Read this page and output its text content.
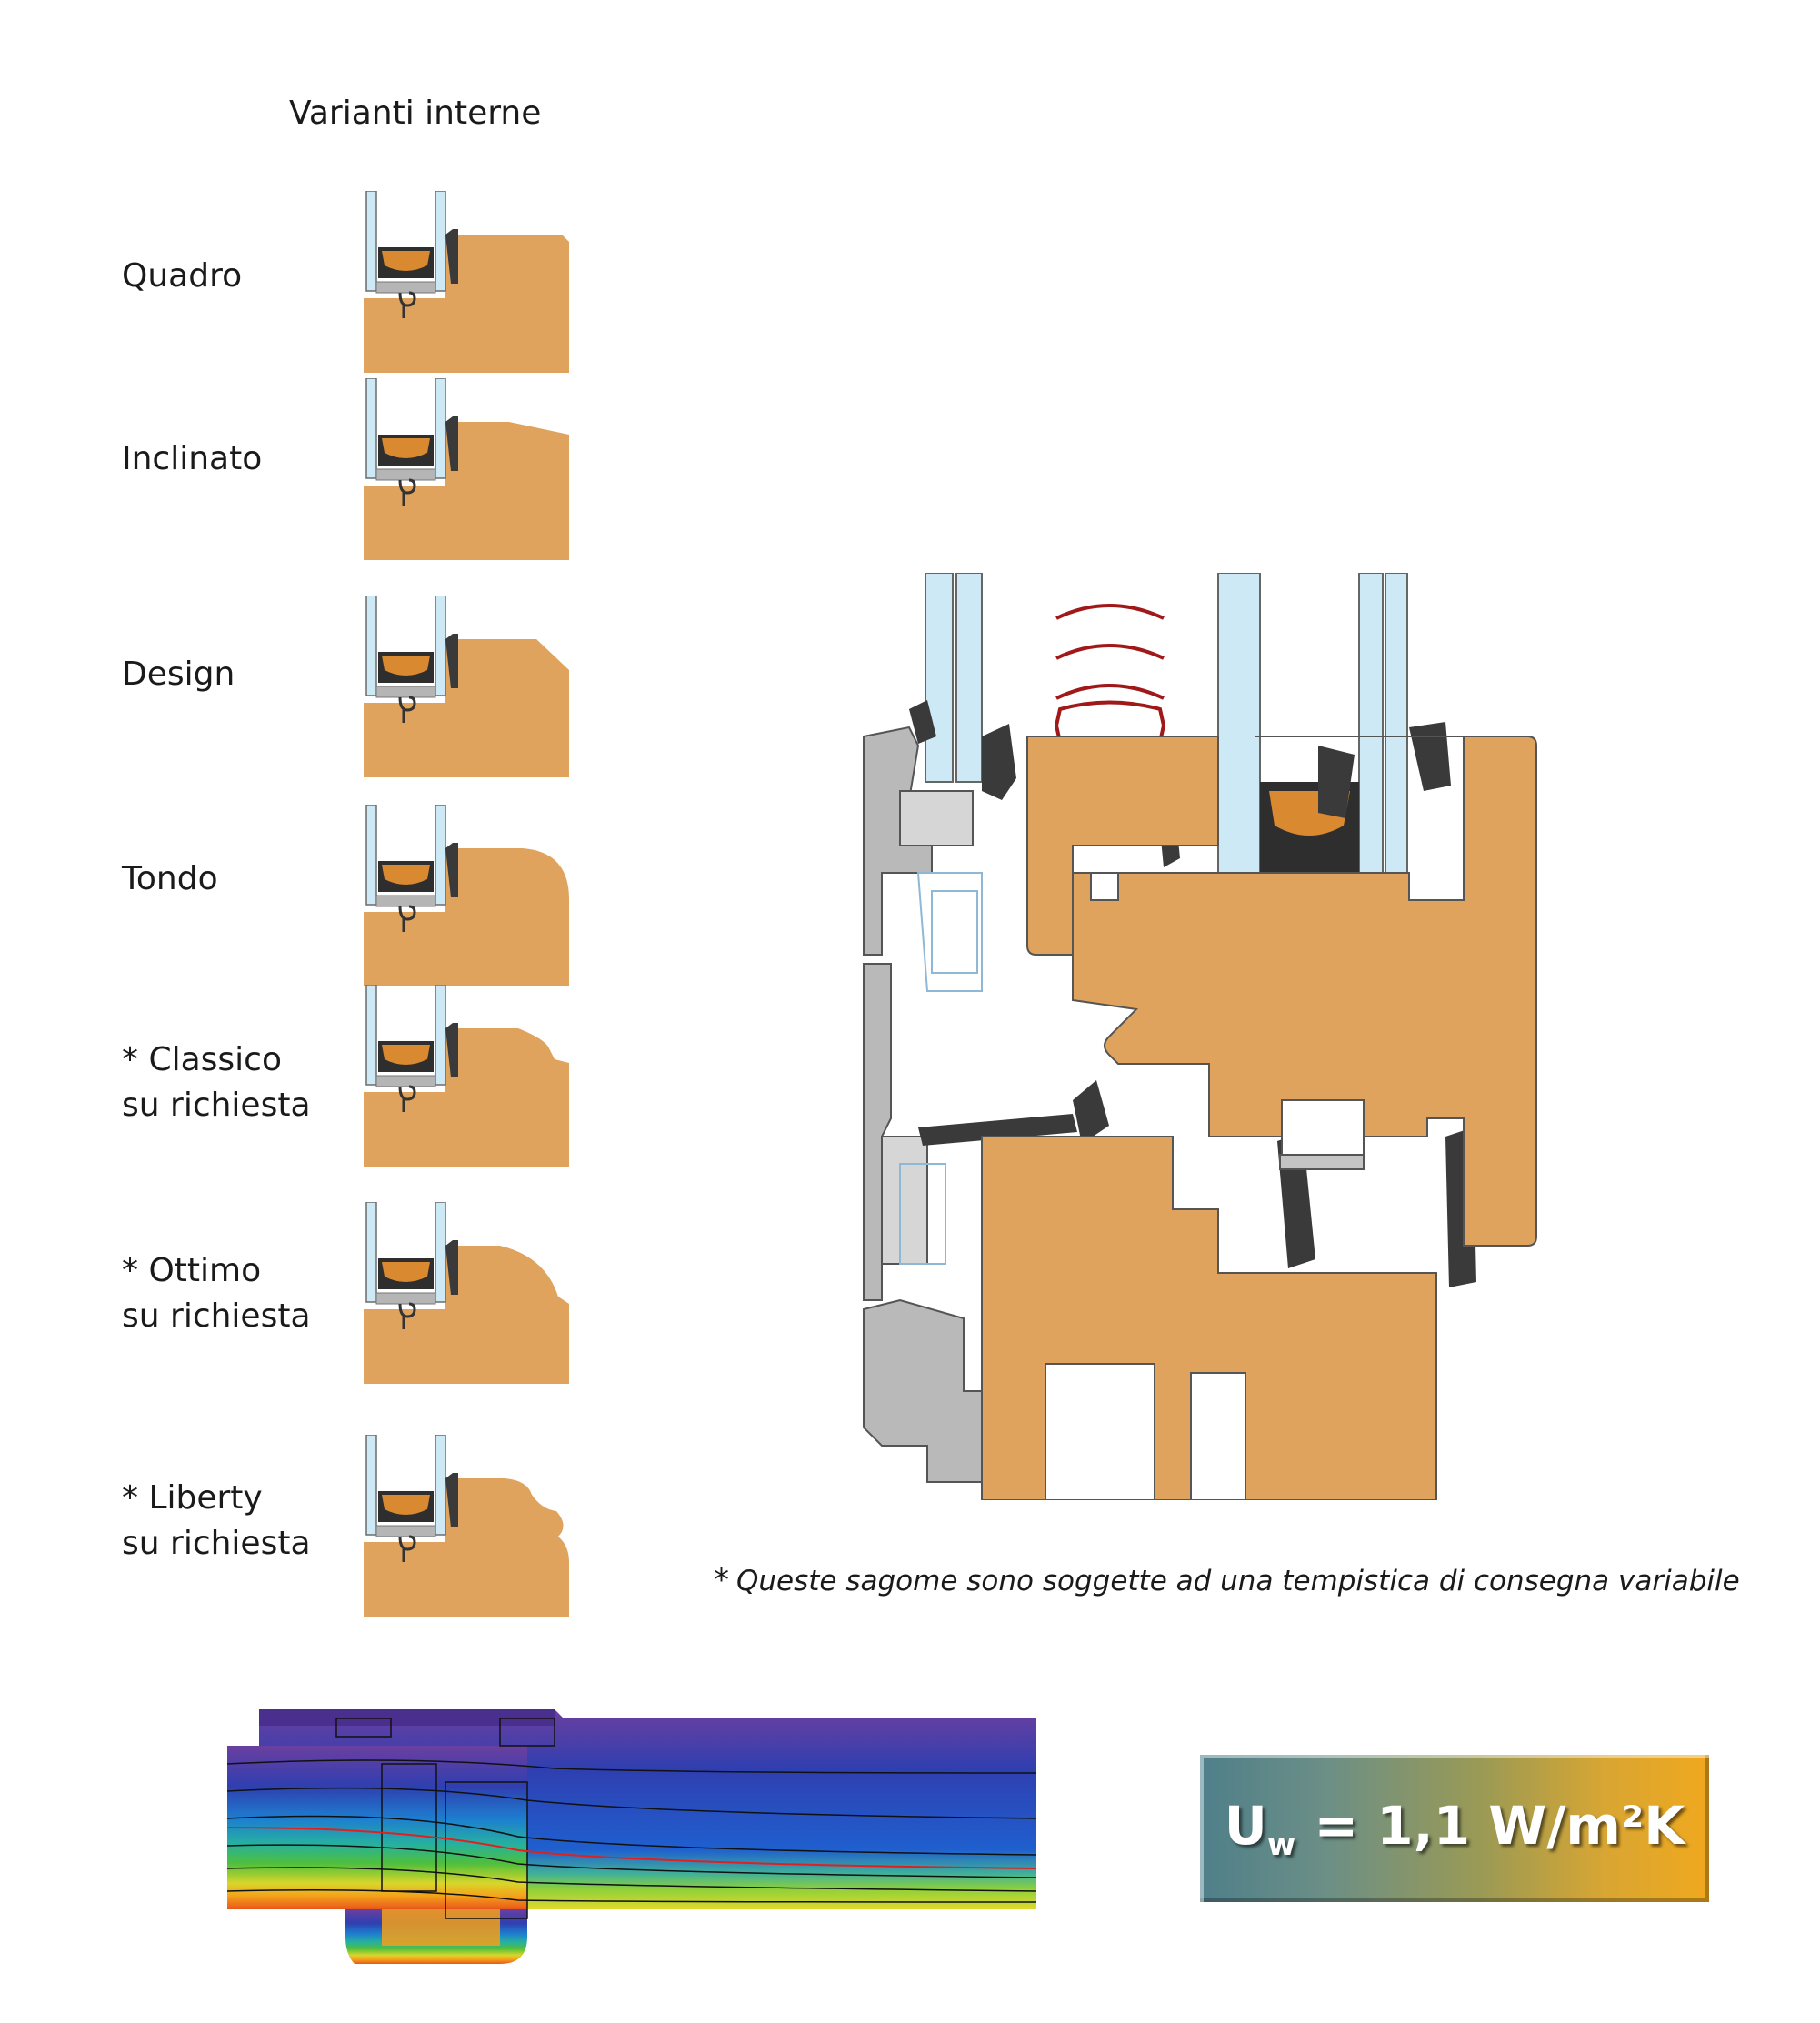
Varianti interne
Quadro
Inclinato
Design
Tondo
* Classico
su richiesta
* Ottimo
su richiesta
* Liberty
su richiesta
* Queste sagome sono soggette ad una tempistica di consegna variabile
$U_w = 1,1$ W/m²K
